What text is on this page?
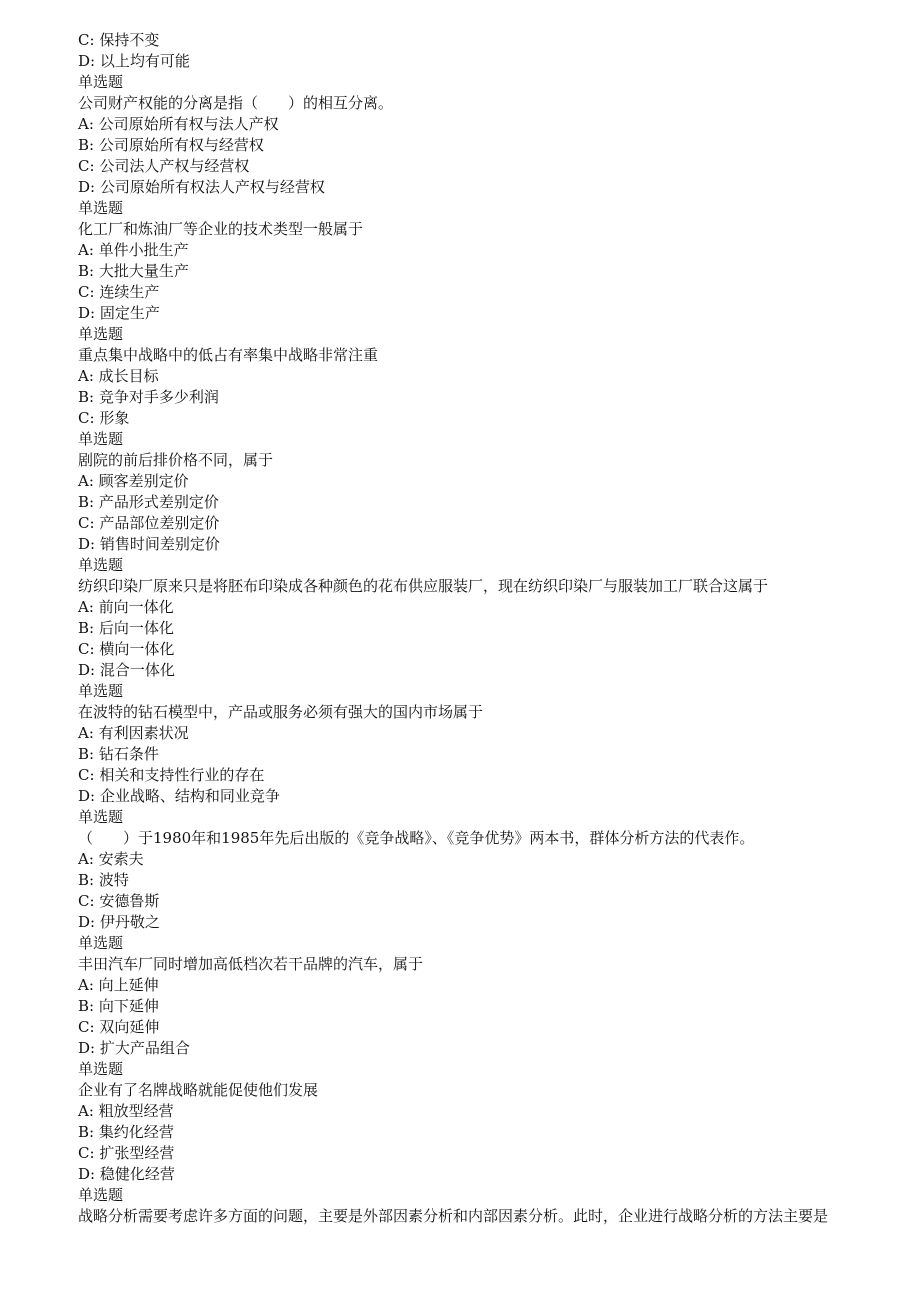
C: 保持不变
D: 以上均有可能
单选题
公司财产权能的分离是指（　　）的相互分离。
A: 公司原始所有权与法人产权
B: 公司原始所有权与经营权
C: 公司法人产权与经营权
D: 公司原始所有权法人产权与经营权
单选题
化工厂和炼油厂等企业的技术类型一般属于
A: 单件小批生产
B: 大批大量生产
C: 连续生产
D: 固定生产
单选题
重点集中战略中的低占有率集中战略非常注重
A: 成长目标
B: 竞争对手多少利润
C: 形象
单选题
剧院的前后排价格不同，属于
A: 顾客差别定价
B: 产品形式差别定价
C: 产品部位差别定价
D: 销售时间差别定价
单选题
纺织印染厂原来只是将胚布印染成各种颜色的花布供应服装厂，现在纺织印染厂与服装加工厂联合这属于
A: 前向一体化
B: 后向一体化
C: 横向一体化
D: 混合一体化
单选题
在波特的钻石模型中，产品或服务必须有强大的国内市场属于
A: 有利因素状况
B: 钻石条件
C: 相关和支持性行业的存在
D: 企业战略、结构和同业竞争
单选题
（　　）于1980年和1985年先后出版的《竞争战略》、《竞争优势》两本书，群体分析方法的代表作。
A: 安索夫
B: 波特
C: 安德鲁斯
D: 伊丹敬之
单选题
丰田汽车厂同时增加高低档次若干品牌的汽车，属于
A: 向上延伸
B: 向下延伸
C: 双向延伸
D: 扩大产品组合
单选题
企业有了名牌战略就能促使他们发展
A: 粗放型经营
B: 集约化经营
C: 扩张型经营
D: 稳健化经营
单选题
战略分析需要考虑许多方面的问题，主要是外部因素分析和内部因素分析。此时，企业进行战略分析的方法主要是
